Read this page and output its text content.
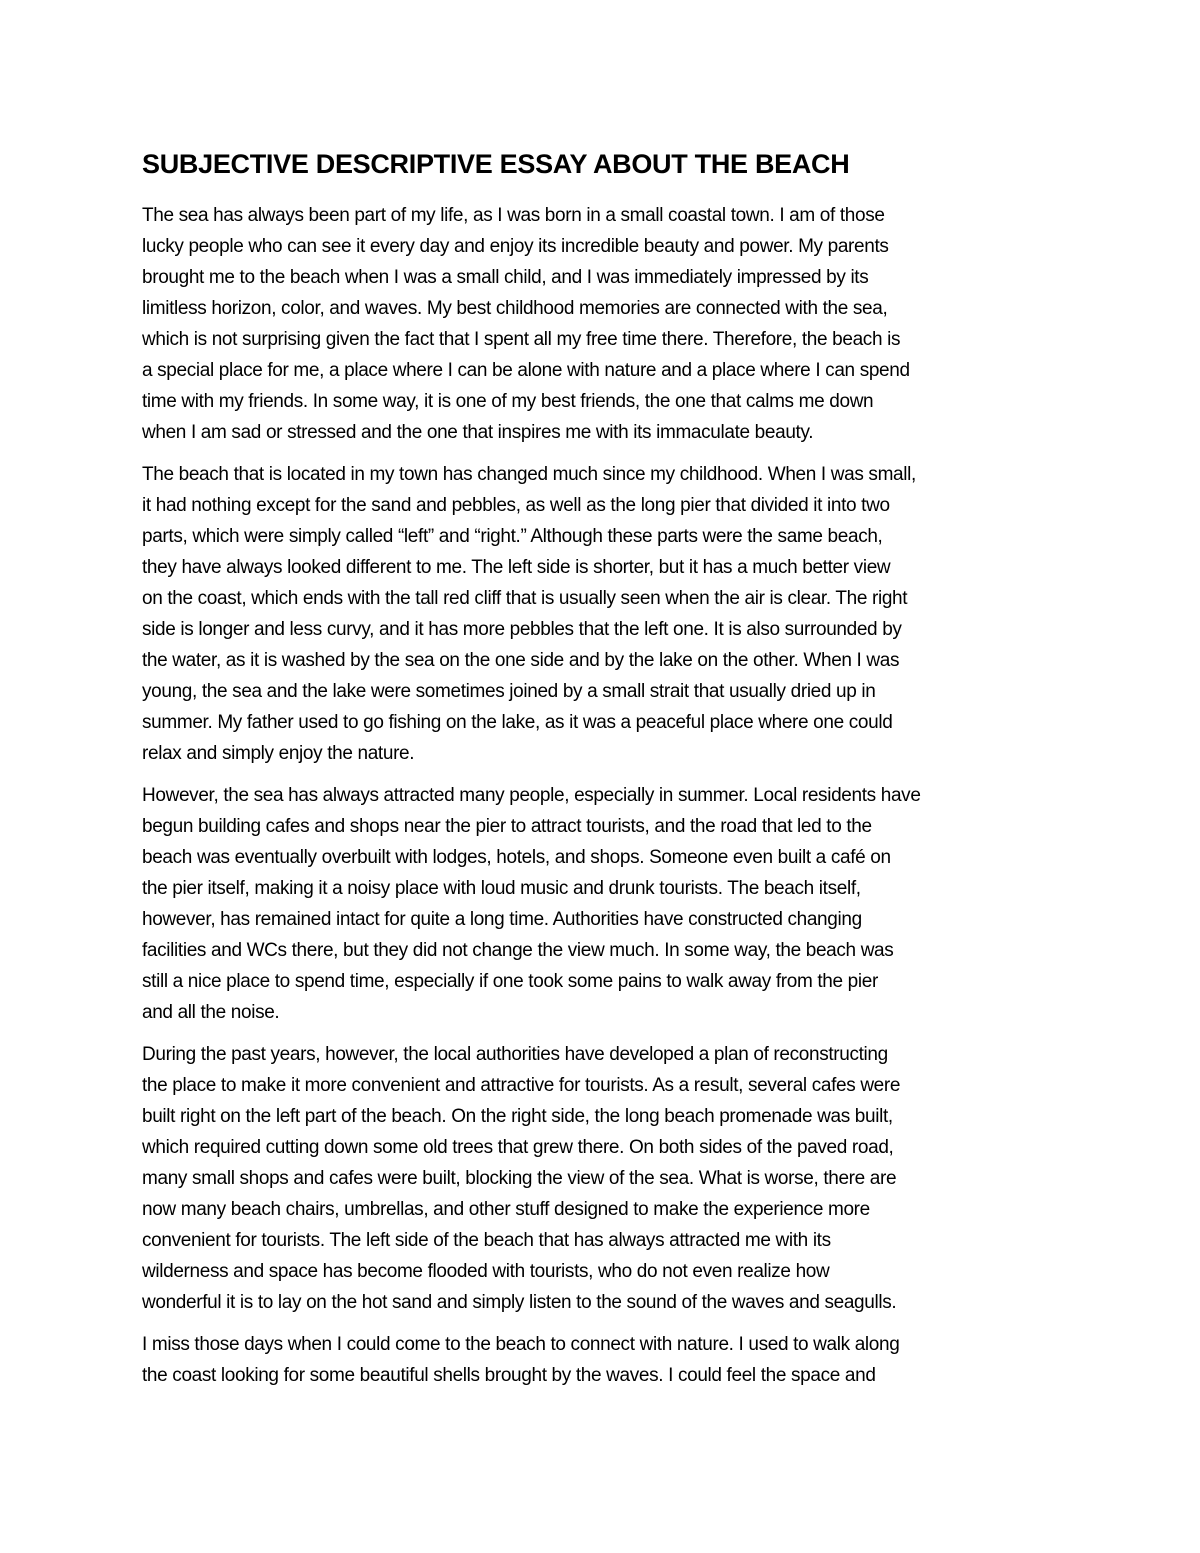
SUBJECTIVE DESCRIPTIVE ESSAY ABOUT THE BEACH
The sea has always been part of my life, as I was born in a small coastal town. I am of those
lucky people who can see it every day and enjoy its incredible beauty and power. My parents
brought me to the beach when I was a small child, and I was immediately impressed by its
limitless horizon, color, and waves. My best childhood memories are connected with the sea,
which is not surprising given the fact that I spent all my free time there. Therefore, the beach is
a special place for me, a place where I can be alone with nature and a place where I can spend
time with my friends. In some way, it is one of my best friends, the one that calms me down
when I am sad or stressed and the one that inspires me with its immaculate beauty.
The beach that is located in my town has changed much since my childhood. When I was small,
it had nothing except for the sand and pebbles, as well as the long pier that divided it into two
parts, which were simply called “left” and “right.” Although these parts were the same beach,
they have always looked different to me. The left side is shorter, but it has a much better view
on the coast, which ends with the tall red cliff that is usually seen when the air is clear. The right
side is longer and less curvy, and it has more pebbles that the left one. It is also surrounded by
the water, as it is washed by the sea on the one side and by the lake on the other. When I was
young, the sea and the lake were sometimes joined by a small strait that usually dried up in
summer. My father used to go fishing on the lake, as it was a peaceful place where one could
relax and simply enjoy the nature.
However, the sea has always attracted many people, especially in summer. Local residents have
begun building cafes and shops near the pier to attract tourists, and the road that led to the
beach was eventually overbuilt with lodges, hotels, and shops. Someone even built a café on
the pier itself, making it a noisy place with loud music and drunk tourists. The beach itself,
however, has remained intact for quite a long time. Authorities have constructed changing
facilities and WCs there, but they did not change the view much. In some way, the beach was
still a nice place to spend time, especially if one took some pains to walk away from the pier
and all the noise.
During the past years, however, the local authorities have developed a plan of reconstructing
the place to make it more convenient and attractive for tourists. As a result, several cafes were
built right on the left part of the beach. On the right side, the long beach promenade was built,
which required cutting down some old trees that grew there. On both sides of the paved road,
many small shops and cafes were built, blocking the view of the sea. What is worse, there are
now many beach chairs, umbrellas, and other stuff designed to make the experience more
convenient for tourists. The left side of the beach that has always attracted me with its
wilderness and space has become flooded with tourists, who do not even realize how
wonderful it is to lay on the hot sand and simply listen to the sound of the waves and seagulls.
I miss those days when I could come to the beach to connect with nature. I used to walk along
the coast looking for some beautiful shells brought by the waves. I could feel the space and
